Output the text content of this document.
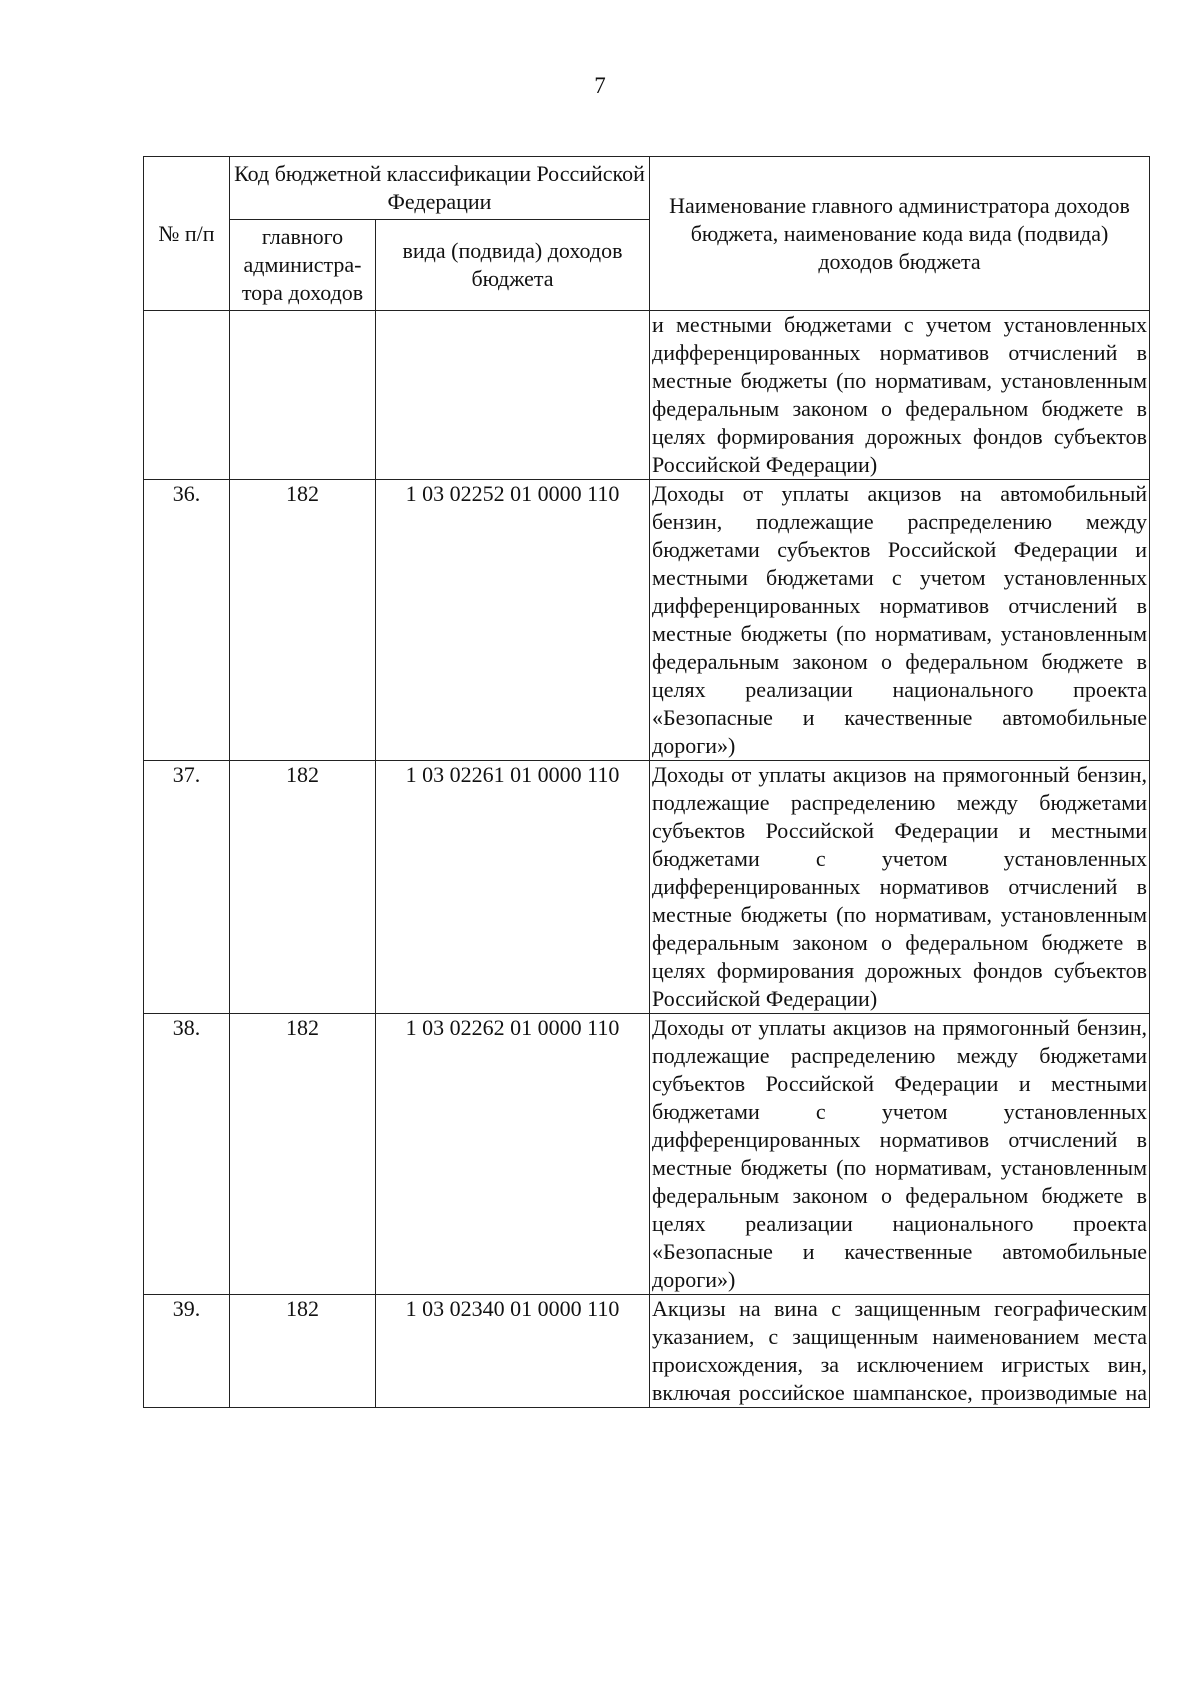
7
№ п/п	Код бюджетной классификации Российской Федерации		Наименование главного администратора доходов бюджета, наименование кода вида (подвида) доходов бюджета
	главного администра-тора доходов	вида (подвида) доходов бюджета	
			и местными бюджетами с учетом установленных дифференцированных нормативов отчислений в местные бюджеты (по нормативам, установленным федеральным законом о федеральном бюджете в целях формирования дорожных фондов субъектов
Российской Федерации)

36.	182	1 03 02252 01 0000 110	Доходы от уплаты акцизов на автомобильный бензин, подлежащие распределению между бюджетами субъектов Российской Федерации и местными бюджетами с учетом установленных дифференцированных нормативов отчислений в местные бюджеты (по нормативам, установленным федеральным законом о федеральном бюджете в целях реализации национального проекта «Безопасные и качественные автомобильные
дороги»)

37.	182	1 03 02261 01 0000 110	Доходы от уплаты акцизов на прямогонный бензин, подлежащие распределению между бюджетами субъектов Российской Федерации и местными бюджетами с учетом установленных дифференцированных нормативов отчислений в местные бюджеты (по нормативам, установленным федеральным законом о федеральном бюджете в целях формирования дорожных фондов субъектов
Российской Федерации)

38.	182	1 03 02262 01 0000 110	Доходы от уплаты акцизов на прямогонный бензин, подлежащие распределению между бюджетами субъектов Российской Федерации и местными бюджетами с учетом установленных дифференцированных нормативов отчислений в местные бюджеты (по нормативам, установленным федеральным законом о федеральном бюджете в целях реализации национального проекта «Безопасные и качественные автомобильные
дороги»)

39.	182	1 03 02340 01 0000 110	Акцизы на вина с защищенным географическим указанием, с защищенным наименованием места происхождения, за исключением игристых вин, включая российское шампанское, производимые на
